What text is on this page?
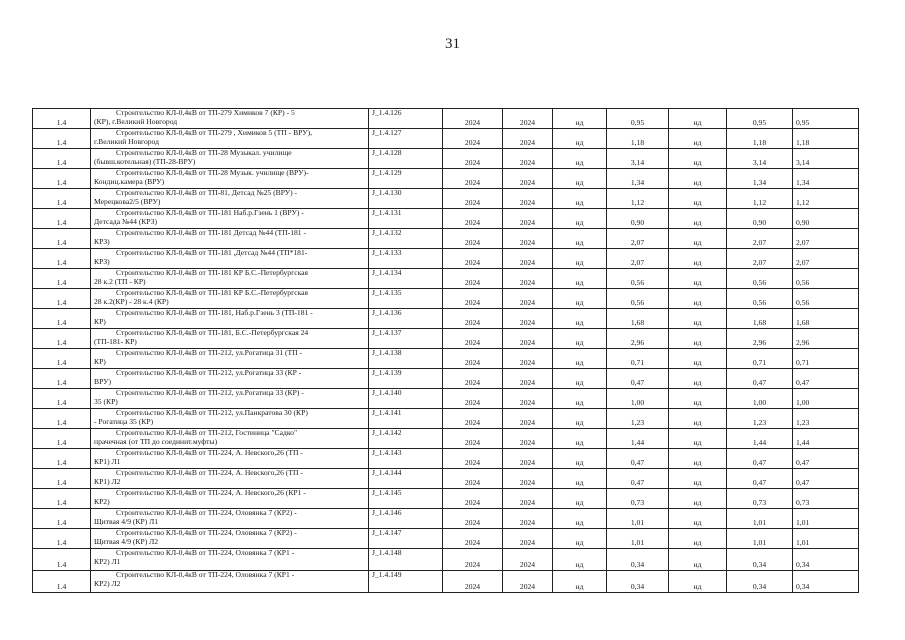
31
1.4	Строительство КЛ-0,4кВ от ТП-279 Химиков 7 (КР) - 5
(КР), г.Великий Новгород	J_1.4.126	2024	2024	нд	0,95	нд	0,95	0,95
1.4	Строительство КЛ-0,4кВ от ТП-279 , Химиков 5 (ТП - ВРУ),
г.Великий Новгород	J_1.4.127	2024	2024	нд	1,18	нд	1,18	1,18
1.4	Строительство КЛ-0,4кВ от ТП-28 Музыкал. училище
(бывш.котельная) (ТП-28-ВРУ)	J_1.4.128	2024	2024	нд	3,14	нд	3,14	3,14
1.4	Строительство КЛ-0,4кВ от ТП-28 Музык. училище (ВРУ)-
Кондиц.камера (ВРУ)	J_1.4.129	2024	2024	нд	1,34	нд	1,34	1,34
1.4	Строительство КЛ-0,4кВ от ТП-81, Детсад №25 (ВРУ) -
Мерецкова2/5 (ВРУ)	J_1.4.130	2024	2024	нд	1,12	нд	1,12	1,12
1.4	Строительство КЛ-0,4кВ от ТП-181 Наб.р.Гзень 1 (ВРУ) -
Детсада №44 (КРЗ)	J_1.4.131	2024	2024	нд	0,90	нд	0,90	0,90
1.4	Строительство КЛ-0,4кВ от ТП-181 Детсад №44 (ТП-181 -
КРЗ)	J_1.4.132	2024	2024	нд	2,07	нд	2,07	2,07
1.4	Строительство КЛ-0,4кВ от ТП-181 ,Детсад №44 (ТП*181-
КРЗ)	J_1.4.133	2024	2024	нд	2,07	нд	2,07	2,07
1.4	Строительство КЛ-0,4кВ от ТП-181 КР Б.С.-Петербургская
28 к.2 (ТП - КР)	J_1.4.134	2024	2024	нд	0,56	нд	0,56	0,56
1.4	Строительство КЛ-0,4кВ от ТП-181 КР Б.С.-Петербургская
28 к.2(КР) - 28 к.4 (КР)	J_1.4.135	2024	2024	нд	0,56	нд	0,56	0,56
1.4	Строительство КЛ-0,4кВ от ТП-181, Наб.р.Гзень 3 (ТП-181 -
КР)	J_1.4.136	2024	2024	нд	1,68	нд	1,68	1,68
1.4	Строительство КЛ-0,4кВ от ТП-181, Б.С.-Петербургская 24
(ТП-181- КР)	J_1.4.137	2024	2024	нд	2,96	нд	2,96	2,96
1.4	Строительство КЛ-0,4кВ от ТП-212, ул.Рогатица 31 (ТП -
КР)	J_1.4.138	2024	2024	нд	0,71	нд	0,71	0,71
1.4	Строительство КЛ-0,4кВ от ТП-212, ул.Рогатица 33 (КР -
ВРУ)	J_1.4.139	2024	2024	нд	0,47	нд	0,47	0,47
1.4	Строительство КЛ-0,4кВ от ТП-212, ул.Рогатица 33 (КР) -
35 (КР)	J_1.4.140	2024	2024	нд	1,00	нд	1,00	1,00
1.4	Строительство КЛ-0,4кВ от ТП-212, ул.Панкратова 30 (КР)
- Рогатица 35 (КР)	J_1.4.141	2024	2024	нд	1,23	нд	1,23	1,23
1.4	Строительство КЛ-0,4кВ от ТП-212, Гостиница "Садко"
прачечная (от ТП до соединит.муфты)	J_1.4.142	2024	2024	нд	1,44	нд	1,44	1,44
1.4	Строительство КЛ-0,4кВ от ТП-224, А. Невского,26 (ТП -
КР1) Л1	J_1.4.143	2024	2024	нд	0,47	нд	0,47	0,47
1.4	Строительство КЛ-0,4кВ от ТП-224, А. Невского,26 (ТП -
КР1) Л2	J_1.4.144	2024	2024	нд	0,47	нд	0,47	0,47
1.4	Строительство КЛ-0,4кВ от ТП-224, А. Невского,26 (КР1 -
КР2)	J_1.4.145	2024	2024	нд	0,73	нд	0,73	0,73
1.4	Строительство КЛ-0,4кВ от ТП-224, Оловянка 7 (КР2) -
Щитвая 4/9 (КР) Л1	J_1.4.146	2024	2024	нд	1,01	нд	1,01	1,01
1.4	Строительство КЛ-0,4кВ от ТП-224, Оловянка 7 (КР2) -
Щитвая 4/9 (КР) Л2	J_1.4.147	2024	2024	нд	1,01	нд	1,01	1,01
1.4	Строительство КЛ-0,4кВ от ТП-224, Оловянка 7 (КР1 -
КР2) Л1	J_1.4.148	2024	2024	нд	0,34	нд	0,34	0,34
1.4	Строительство КЛ-0,4кВ от ТП-224, Оловянка 7 (КР1 -
КР2) Л2	J_1.4.149	2024	2024	нд	0,34	нд	0,34	0,34
